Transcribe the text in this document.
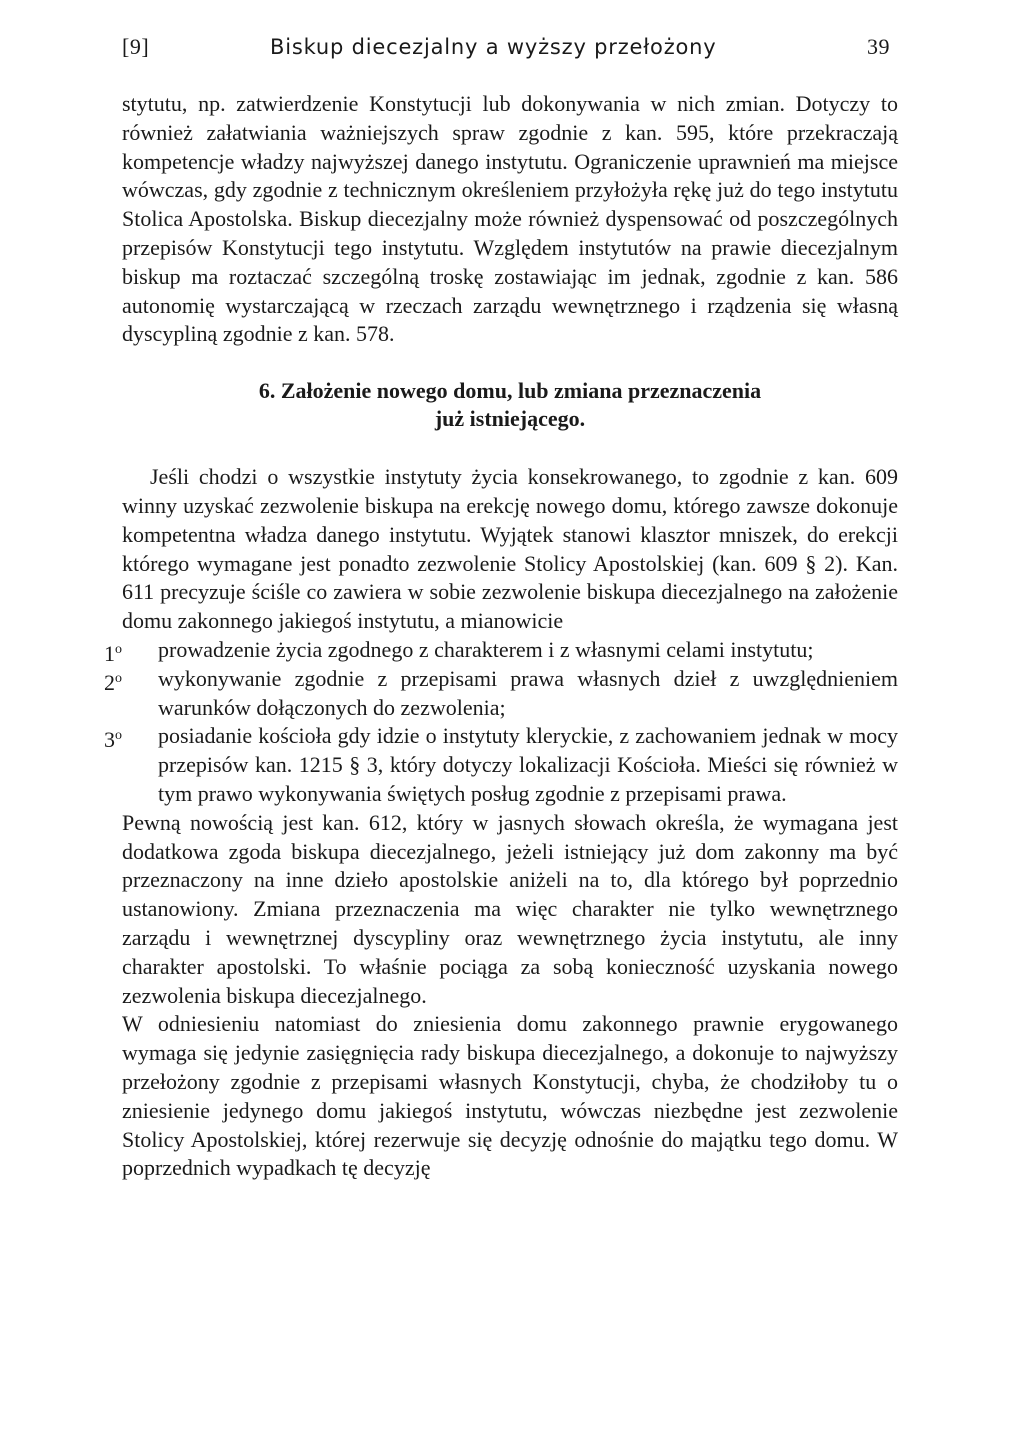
[9]	Biskup diecezjalny a wyższy przełożony	39

stytutu, np. zatwierdzenie Konstytucji lub dokonywania w nich zmian. Dotyczy to również załatwiania ważniejszych spraw zgodnie z kan. 595, które przekraczają kompetencje władzy najwyższej danego instytutu. Ograniczenie uprawnień ma miejsce wówczas, gdy zgodnie z technicznym określeniem przyłożyła rękę już do tego instytutu Stolica Apostolska. Biskup diecezjalny może również dyspensować od poszczególnych przepisów Konstytucji tego instytutu. Względem instytutów na prawie diecezjalnym biskup ma roztaczać szczególną troskę zostawiając im jednak, zgodnie z kan. 586 autonomię wystarczającą w rzeczach zarządu wewnętrznego i rządzenia się własną dyscypliną zgodnie z kan. 578.

6. Założenie nowego domu, lub zmiana przeznaczenia
już istniejącego.

Jeśli chodzi o wszystkie instytuty życia konsekrowanego, to zgodnie z kan. 609 winny uzyskać zezwolenie biskupa na erekcję nowego domu, którego zawsze dokonuje kompetentna władza danego instytutu. Wyjątek stanowi klasztor mniszek, do erekcji którego wymagane jest ponadto zezwolenie Stolicy Apostolskiej (kan. 609 § 2). Kan. 611 precyzuje ściśle co zawiera w sobie zezwolenie biskupa diecezjalnego na założenie domu zakonnego jakiegoś instytutu, a mianowicie

1$^o$	prowadzenie życia zgodnego z charakterem i z własnymi celami instytutu;
2$^o$	wykonywanie zgodnie z przepisami prawa własnych dzieł z uwzględnieniem warunków dołączonych do zezwolenia;
3$^o$	posiadanie kościoła gdy idzie o instytuty kleryckie, z zachowaniem jednak w mocy przepisów kan. 1215 § 3, który dotyczy lokalizacji Kościoła. Mieści się również w tym prawo wykonywania świętych posług zgodnie z przepisami prawa.

Pewną nowością jest kan. 612, który w jasnych słowach określa, że wymagana jest dodatkowa zgoda biskupa diecezjalnego, jeżeli istniejący już dom zakonny ma być przeznaczony na inne dzieło apostolskie aniżeli na to, dla którego był poprzednio ustanowiony. Zmiana przeznaczenia ma więc charakter nie tylko wewnętrznego zarządu i wewnętrznej dyscypliny oraz wewnętrznego życia instytutu, ale inny charakter apostolski. To właśnie pociąga za sobą konieczność uzyskania nowego zezwolenia biskupa diecezjalnego.

W odniesieniu natomiast do zniesienia domu zakonnego prawnie erygowanego wymaga się jedynie zasięgnięcia rady biskupa diecezjalnego, a dokonuje to najwyższy przełożony zgodnie z przepisami własnych Konstytucji, chyba, że chodziłoby tu o zniesienie jedynego domu jakiegoś instytutu, wówczas niezbędne jest zezwolenie Stolicy Apostolskiej, której rezerwuje się decyzję odnośnie do majątku tego domu. W poprzednich wypadkach tę decyzję
